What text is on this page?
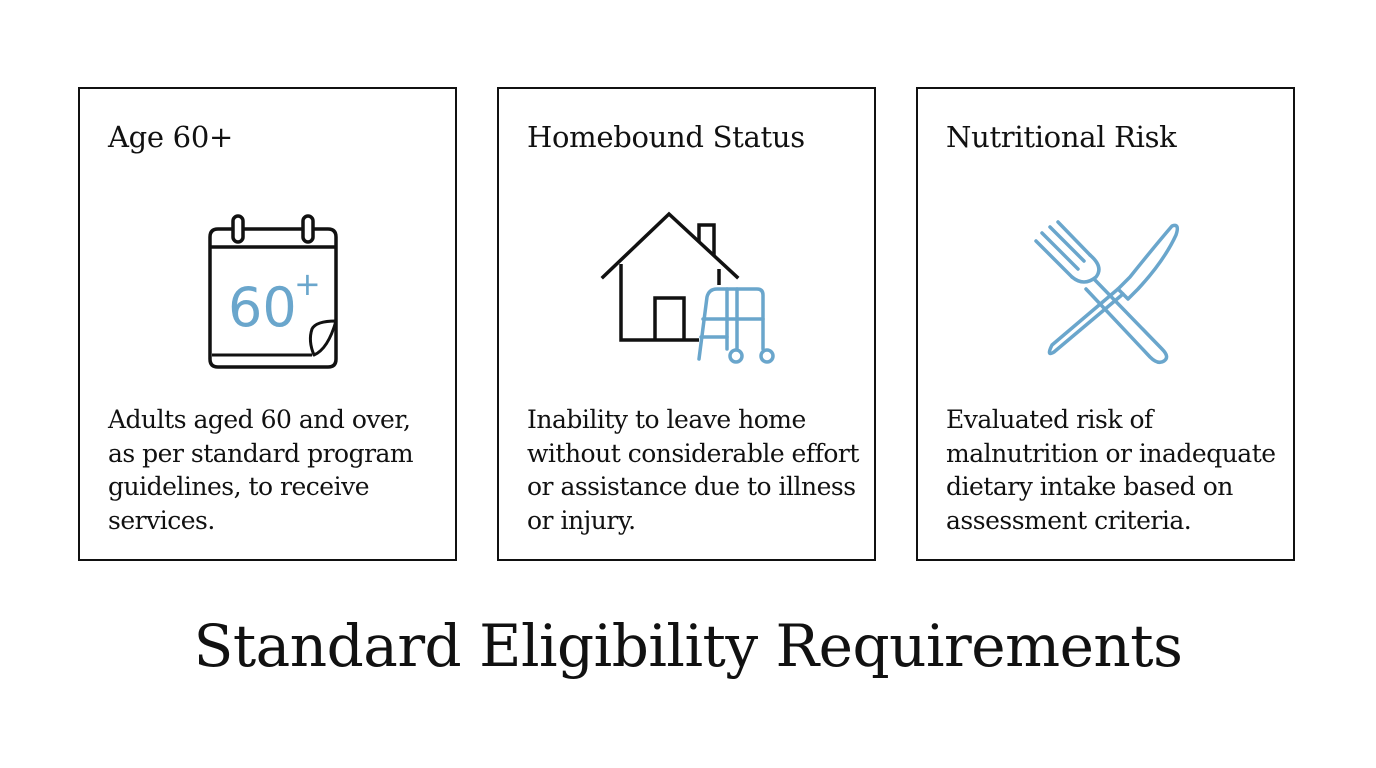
Age 60+
60
+

Adults aged 60 and over, as per standard program guidelines, to receive services.

Homebound Status

Inability to leave home without considerable effort or assistance due to illness or injury.

Nutritional Risk

Evaluated risk of malnutrition or inadequate dietary intake based on assessment criteria.

Standard Eligibility Requirements
